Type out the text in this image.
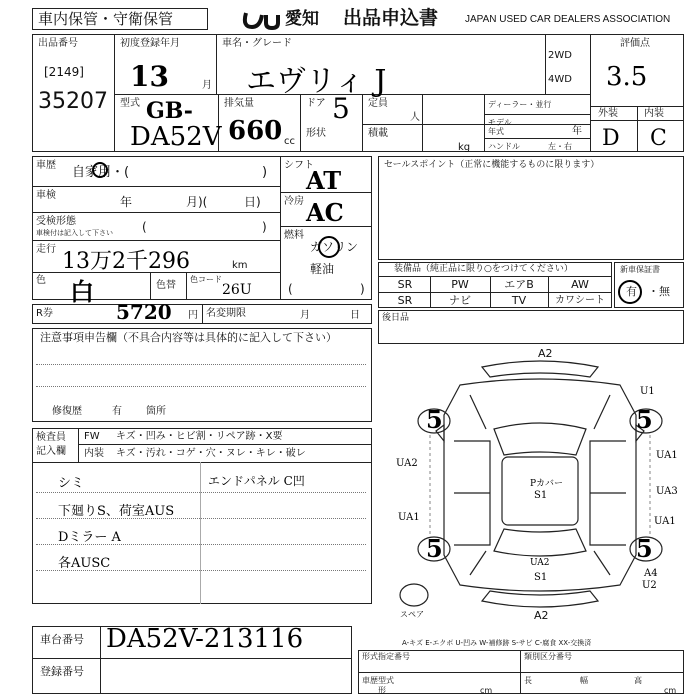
車内保管・守衛保管	愛知 出品申込書	JAPAN USED CAR DEALERS ASSOCIATION
出品番号
[2149]
35207
初度登録年月
13	月
車名・グレード
エヴリィ J
2WD
4WD
評価点
3.5
外装	内装
D C
型式 GB-
DA52V
排気量
660 cc
ドア 5
形状
定員
人
積載
kg
ディーラー・並行
モデル年式	年
ハンドル	左・右
車歴 自家用・(	)
車検	年	月)(	日)
受検形態
車検付は記入して下さい (	)
走行 13万2千296	km
色 白	色替
色コード
26U
シフト
AT
冷房 AC
燃料
ガソリン
軽油
(	)
R券	5720 円 名変期限	月	日
セールスポイント（正常に機能するものに限ります）
装備品（純正品に限り○をつけてください）
SR	PW	エアB	AW
SR	ナビ	TV	カワシート
新車保証書
有 ・無
後日品
注意事項申告欄（不具合内容等は具体的に記入して下さい）
修復歴	有 箇所
検査員
記入欄
FW キズ・凹み・ヒビ割・リペア跡・X要
内装 キズ・汚れ・コゲ・穴・ヌレ・キレ・破レ
シミ	エンドパネル C凹
下廻りS、荷室AUS
Dミラー A
各AUSC
A2
A2
UA2
UA1
U1
UA1
UA3
UA1
A4
U2
Pカバー
S1
UA2
S1
スペア
5	5
5	5
A-キズ E-エクボ U-凹み W-補修跡 S-サビ C-腐食 XX-交換済
車台番号 DA52V-213116
登録番号
形式指定番号	類別区分番号
車歴型式
形
長	幅	高
cm	cm
